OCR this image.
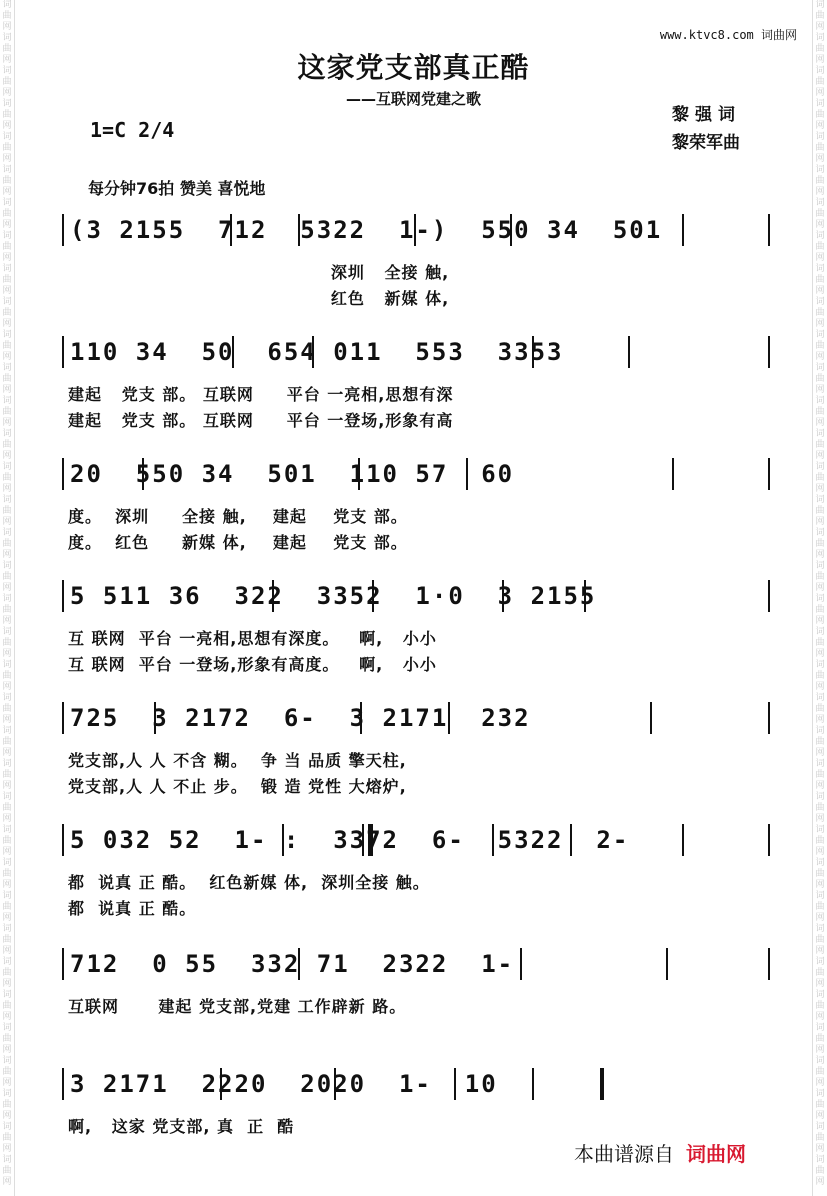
词曲网
词曲网
词曲网
词曲网
词曲网
词曲网
词曲网
词曲网
词曲网
词曲网
词曲网
词曲网
词曲网
词曲网
词曲网
词曲网
词曲网
词曲网
词曲网
词曲网
词曲网
词曲网
词曲网
词曲网
词曲网
词曲网
词曲网
词曲网
词曲网
词曲网
词曲网
词曲网
词曲网
词曲网
词曲网
词曲网
词曲网
词曲网
词曲网
词曲网
词曲网
词曲网
词曲网
词曲网
词曲网
词曲网
词曲网
词曲网
词曲网
词曲网
词曲网
词曲网
词曲网
词曲网
词曲网
词曲网
词曲网
词曲网
词曲网
词曲网
词曲网
词曲网
词曲网
词曲网
词曲网
词曲网
词曲网
词曲网
词曲网
词曲网
词曲网
词曲网
www.ktvc8.com 词曲网
这家党支部真正酷
——互联网党建之歌
1=C 2/4
黎强词
黎荣军曲
每分钟76拍 赞美 喜悦地
(3 2155  712  5322  1-)  550 34  501
深圳   全接 触,
红色   新媒 体,
110 34  50  654 011  553  3353
建起   党支 部。 互联网     平台 一亮相,思想有深
建起   党支 部。 互联网     平台 一登场,形象有高
20  550 34  501  110 57  60
度。  深圳     全接 触,    建起    党支 部。
度。  红色     新媒 体,    建起    党支 部。
5 511 36  322  3352  1·0  3 2155
互 联网  平台 一亮相,思想有深度。   啊,   小小
互 联网  平台 一登场,形象有高度。   啊,   小小
725  3 2172  6-  3 2171  232
党支部,人 人 不含 糊。  争 当 品质 擎天柱,
党支部,人 人 不止 步。  锻 造 党性 大熔炉,
5 032 52  1- :  3372  6-  5322  2-
都  说真 正 酷。  红色新媒 体,  深圳全接 触。
都  说真 正 酷。
712  0 55  332 71  2322  1-
互联网      建起 党支部,党建 工作辟新 路。
3 2171  2220  2020  1-  10
啊,   这家 党支部, 真  正  酷
本曲谱源自 词曲网
